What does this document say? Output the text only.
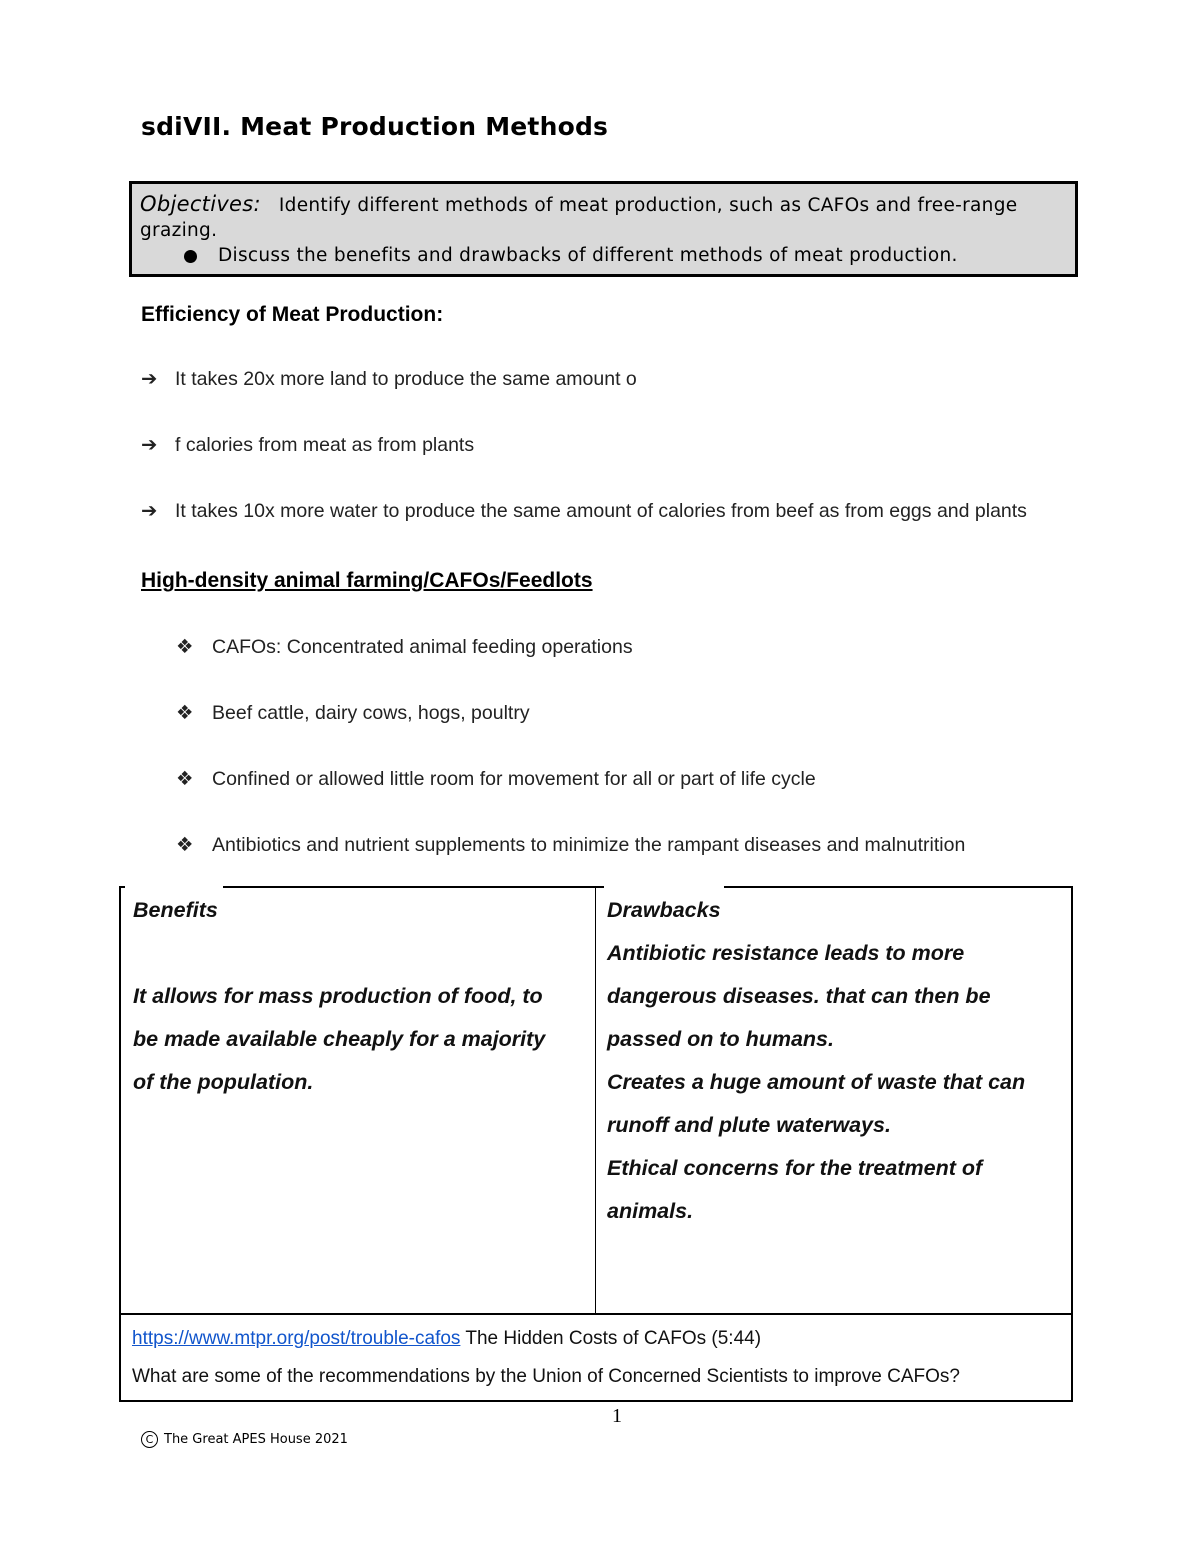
sdiVII. Meat Production Methods
Objectives: Identify different methods of meat production, such as CAFOs and free-range grazing.
Discuss the benefits and drawbacks of different methods of meat production.
Efficiency of Meat Production:
➔ It takes 20x more land to produce the same amount o
➔ f calories from meat as from plants
➔ It takes 10x more water to produce the same amount of calories from beef as from eggs and plants
High-density animal farming/CAFOs/Feedlots
❖ CAFOs: Concentrated animal feeding operations
❖ Beef cattle, dairy cows, hogs, poultry
❖ Confined or allowed little room for movement for all or part of life cycle
❖ Antibiotics and nutrient supplements to minimize the rampant diseases and malnutrition
Benefits
It allows for mass production of food, to
be made available cheaply for a majority
of the population.
Drawbacks
Antibiotic resistance leads to more
dangerous diseases. that can then be
passed on to humans.
Creates a huge amount of waste that can
runoff and plute waterways.
Ethical concerns for the treatment of
animals.
https://www.mtpr.org/post/trouble-cafos The Hidden Costs of CAFOs (5:44)
What are some of the recommendations by the Union of Concerned Scientists to improve CAFOs?
1
C The Great APES House 2021
